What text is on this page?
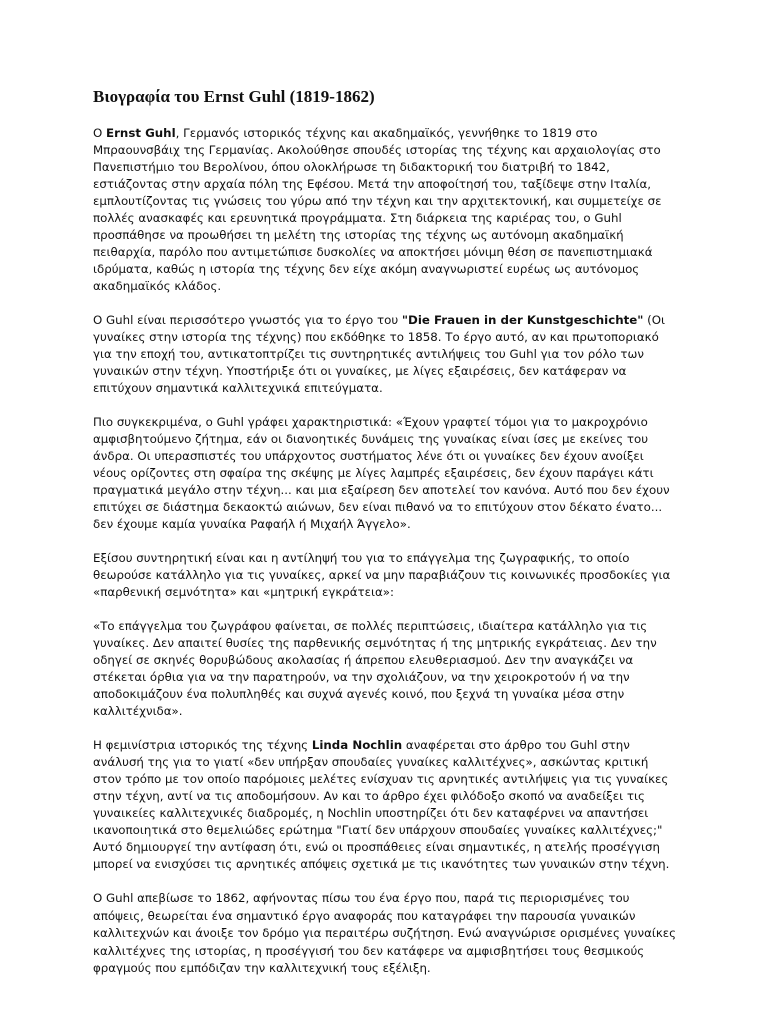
Βιογραφία του Ernst Guhl (1819-1862)

Ο Ernst Guhl, Γερμανός ιστορικός τέχνης και ακαδημαϊκός, γεννήθηκε το 1819 στο Μπραουνσβάιχ της Γερμανίας. Ακολούθησε σπουδές ιστορίας της τέχνης και αρχαιολογίας στο Πανεπιστήμιο του Βερολίνου, όπου ολοκλήρωσε τη διδακτορική του διατριβή το 1842, εστιάζοντας στην αρχαία πόλη της Εφέσου. Μετά την αποφοίτησή του, ταξίδεψε στην Ιταλία, εμπλουτίζοντας τις γνώσεις του γύρω από την τέχνη και την αρχιτεκτονική, και συμμετείχε σε πολλές ανασκαφές και ερευνητικά προγράμματα. Στη διάρκεια της καριέρας του, ο Guhl προσπάθησε να προωθήσει τη μελέτη της ιστορίας της τέχνης ως αυτόνομη ακαδημαϊκή πειθαρχία, παρόλο που αντιμετώπισε δυσκολίες να αποκτήσει μόνιμη θέση σε πανεπιστημιακά ιδρύματα, καθώς η ιστορία της τέχνης δεν είχε ακόμη αναγνωριστεί ευρέως ως αυτόνομος ακαδημαϊκός κλάδος.

Ο Guhl είναι περισσότερο γνωστός για το έργο του "Die Frauen in der Kunstgeschichte" (Οι γυναίκες στην ιστορία της τέχνης) που εκδόθηκε το 1858. Το έργο αυτό, αν και πρωτοποριακό για την εποχή του, αντικατοπτρίζει τις συντηρητικές αντιλήψεις του Guhl για τον ρόλο των γυναικών στην τέχνη. Υποστήριξε ότι οι γυναίκες, με λίγες εξαιρέσεις, δεν κατάφεραν να επιτύχουν σημαντικά καλλιτεχνικά επιτεύγματα.

Πιο συγκεκριμένα, ο Guhl γράφει χαρακτηριστικά: «Έχουν γραφτεί τόμοι για το μακροχρόνιο αμφισβητούμενο ζήτημα, εάν οι διανοητικές δυνάμεις της γυναίκας είναι ίσες με εκείνες του άνδρα. Οι υπερασπιστές του υπάρχοντος συστήματος λένε ότι οι γυναίκες δεν έχουν ανοίξει νέους ορίζοντες στη σφαίρα της σκέψης με λίγες λαμπρές εξαιρέσεις, δεν έχουν παράγει κάτι πραγματικά μεγάλο στην τέχνη... και μια εξαίρεση δεν αποτελεί τον κανόνα. Αυτό που δεν έχουν επιτύχει σε διάστημα δεκαοκτώ αιώνων, δεν είναι πιθανό να το επιτύχουν στον δέκατο ένατο... δεν έχουμε καμία γυναίκα Ραφαήλ ή Μιχαήλ Άγγελο».

Εξίσου συντηρητική είναι και η αντίληψή του για το επάγγελμα της ζωγραφικής, το οποίο θεωρούσε κατάλληλο για τις γυναίκες, αρκεί να μην παραβιάζουν τις κοινωνικές προσδοκίες για «παρθενική σεμνότητα» και «μητρική εγκράτεια»:

«Το επάγγελμα του ζωγράφου φαίνεται, σε πολλές περιπτώσεις, ιδιαίτερα κατάλληλο για τις γυναίκες. Δεν απαιτεί θυσίες της παρθενικής σεμνότητας ή της μητρικής εγκράτειας. Δεν την οδηγεί σε σκηνές θορυβώδους ακολασίας ή άπρεπου ελευθεριασμού. Δεν την αναγκάζει να στέκεται όρθια για να την παρατηρούν, να την σχολιάζουν, να την χειροκροτούν ή να την αποδοκιμάζουν ένα πολυπληθές και συχνά αγενές κοινό, που ξεχνά τη γυναίκα μέσα στην καλλιτέχνιδα».

Η φεμινίστρια ιστορικός της τέχνης Linda Nochlin αναφέρεται στο άρθρο του Guhl στην ανάλυσή της για το γιατί «δεν υπήρξαν σπουδαίες γυναίκες καλλιτέχνες», ασκώντας κριτική στον τρόπο με τον οποίο παρόμοιες μελέτες ενίσχυαν τις αρνητικές αντιλήψεις για τις γυναίκες στην τέχνη, αντί να τις αποδομήσουν. Αν και το άρθρο έχει φιλόδοξο σκοπό να αναδείξει τις γυναικείες καλλιτεχνικές διαδρομές, η Nochlin υποστηρίζει ότι δεν καταφέρνει να απαντήσει ικανοποιητικά στο θεμελιώδες ερώτημα "Γιατί δεν υπάρχουν σπουδαίες γυναίκες καλλιτέχνες;" Αυτό δημιουργεί την αντίφαση ότι, ενώ οι προσπάθειες είναι σημαντικές, η ατελής προσέγγιση μπορεί να ενισχύσει τις αρνητικές απόψεις σχετικά με τις ικανότητες των γυναικών στην τέχνη.

Ο Guhl απεβίωσε το 1862, αφήνοντας πίσω του ένα έργο που, παρά τις περιορισμένες του απόψεις, θεωρείται ένα σημαντικό έργο αναφοράς που καταγράφει την παρουσία γυναικών καλλιτεχνών και άνοιξε τον δρόμο για περαιτέρω συζήτηση. Ενώ αναγνώρισε ορισμένες γυναίκες καλλιτέχνες της ιστορίας, η προσέγγισή του δεν κατάφερε να αμφισβητήσει τους θεσμικούς φραγμούς που εμπόδιζαν την καλλιτεχνική τους εξέλιξη.
